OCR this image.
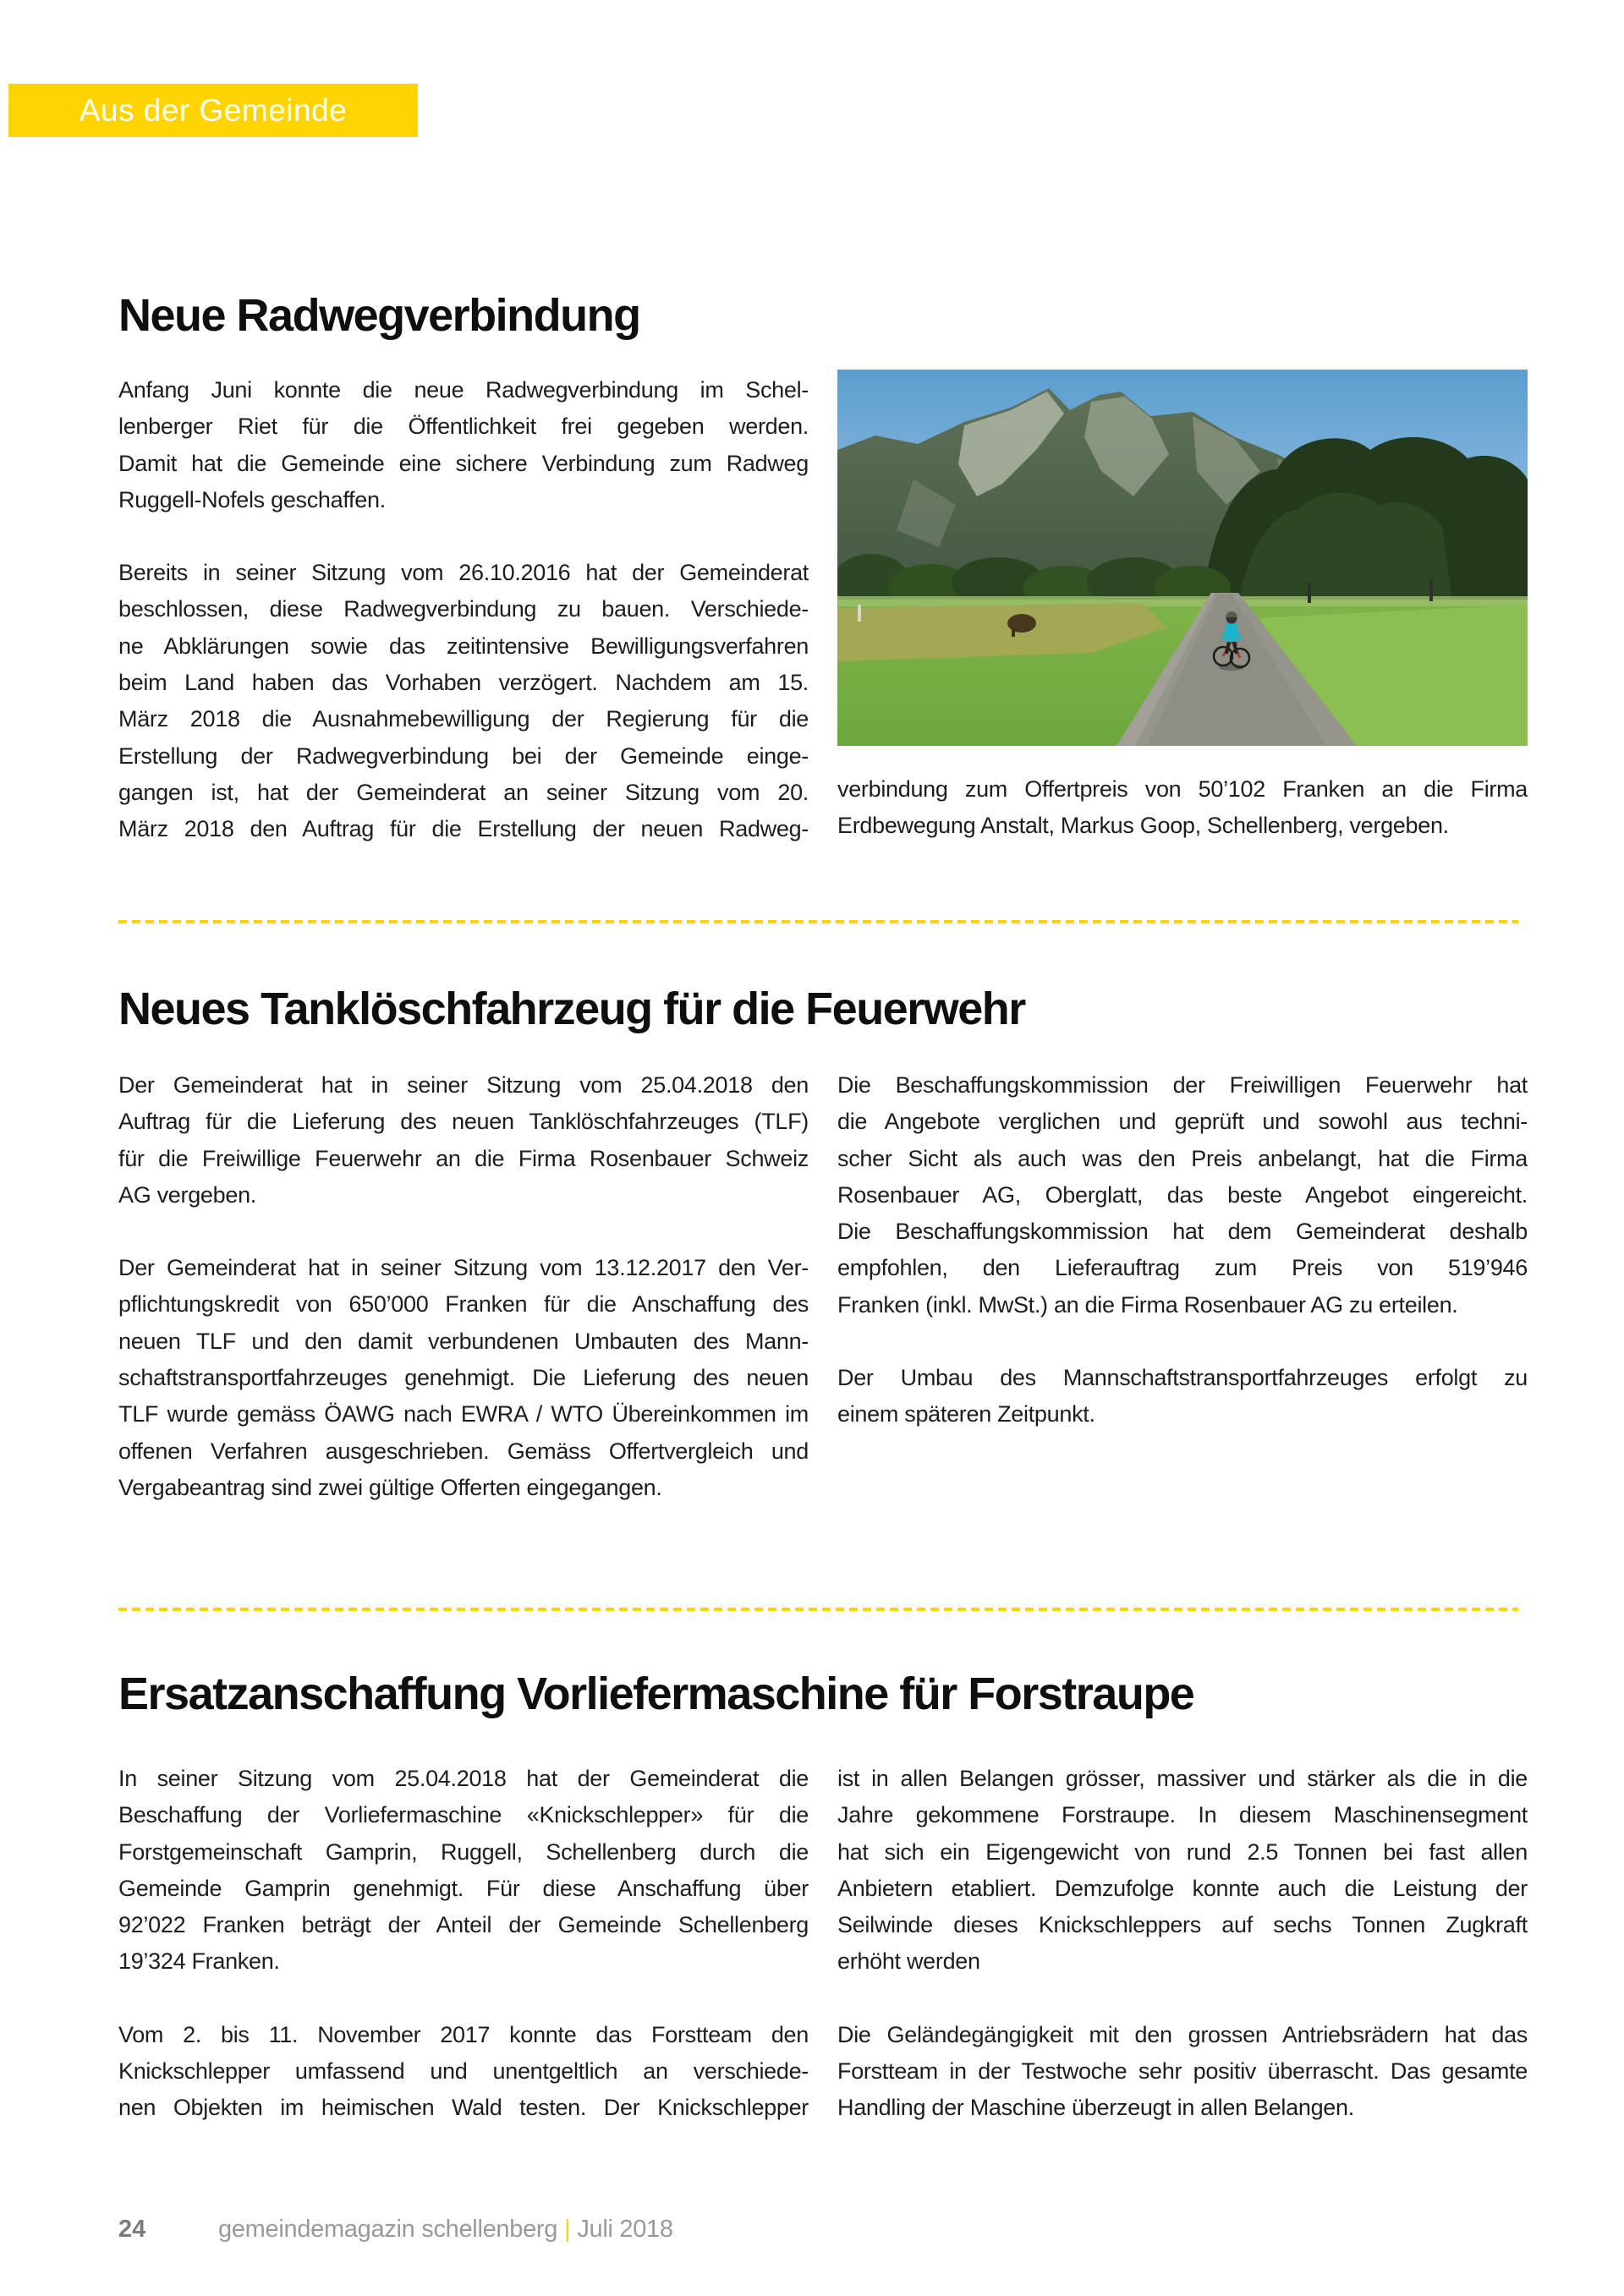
Aus der Gemeinde
Neue Radwegverbindung
Anfang Juni konnte die neue Radwegverbindung im Schel-
lenberger Riet für die Öffentlichkeit frei gegeben werden.
Damit hat die Gemeinde eine sichere Verbindung zum Radweg
Ruggell-Nofels geschaffen.
Bereits in seiner Sitzung vom 26.10.2016 hat der Gemeinderat
beschlossen, diese Radwegverbindung zu bauen. Verschiede-
ne Abklärungen sowie das zeitintensive Bewilligungsverfahren
beim Land haben das Vorhaben verzögert. Nachdem am 15.
März 2018 die Ausnahmebewilligung der Regierung für die
Erstellung der Radwegverbindung bei der Gemeinde einge-
gangen ist, hat der Gemeinderat an seiner Sitzung vom 20.
März 2018 den Auftrag für die Erstellung der neuen Radweg-
verbindung zum Offertpreis von 50’102 Franken an die Firma
Erdbewegung Anstalt, Markus Goop, Schellenberg, vergeben.
Neues Tanklöschfahrzeug für die Feuerwehr
Der Gemeinderat hat in seiner Sitzung vom 25.04.2018 den
Auftrag für die Lieferung des neuen Tanklöschfahrzeuges (TLF)
für die Freiwillige Feuerwehr an die Firma Rosenbauer Schweiz
AG vergeben.
Der Gemeinderat hat in seiner Sitzung vom 13.12.2017 den Ver-
pflichtungskredit von 650’000 Franken für die Anschaffung des
neuen TLF und den damit verbundenen Umbauten des Mann-
schaftstransportfahrzeuges genehmigt. Die Lieferung des neuen
TLF wurde gemäss ÖAWG nach EWRA / WTO Übereinkommen im
offenen Verfahren ausgeschrieben. Gemäss Offertvergleich und
Vergabeantrag sind zwei gültige Offerten eingegangen.
Die Beschaffungskommission der Freiwilligen Feuerwehr hat
die Angebote verglichen und geprüft und sowohl aus techni-
scher Sicht als auch was den Preis anbelangt, hat die Firma
Rosenbauer AG, Oberglatt, das beste Angebot eingereicht.
Die Beschaffungskommission hat dem Gemeinderat deshalb
empfohlen, den Lieferauftrag zum Preis von 519’946
Franken (inkl. MwSt.) an die Firma Rosenbauer AG zu erteilen.
Der Umbau des Mannschaftstransportfahrzeuges erfolgt zu
einem späteren Zeitpunkt.
Ersatzanschaffung Vorliefermaschine für Forstraupe
In seiner Sitzung vom 25.04.2018 hat der Gemeinderat die
Beschaffung der Vorliefermaschine «Knickschlepper» für die
Forstgemeinschaft Gamprin, Ruggell, Schellenberg durch die
Gemeinde Gamprin genehmigt. Für diese Anschaffung über
92’022 Franken beträgt der Anteil der Gemeinde Schellenberg
19’324 Franken.
Vom 2. bis 11. November 2017 konnte das Forstteam den
Knickschlepper umfassend und unentgeltlich an verschiede-
nen Objekten im heimischen Wald testen. Der Knickschlepper
ist in allen Belangen grösser, massiver und stärker als die in die
Jahre gekommene Forstraupe. In diesem Maschinensegment
hat sich ein Eigengewicht von rund 2.5 Tonnen bei fast allen
Anbietern etabliert. Demzufolge konnte auch die Leistung der
Seilwinde dieses Knickschleppers auf sechs Tonnen Zugkraft
erhöht werden
Die Geländegängigkeit mit den grossen Antriebsrädern hat das
Forstteam in der Testwoche sehr positiv überrascht. Das gesamte
Handling der Maschine überzeugt in allen Belangen.
24	gemeindemagazin schellenberg | Juli 2018
